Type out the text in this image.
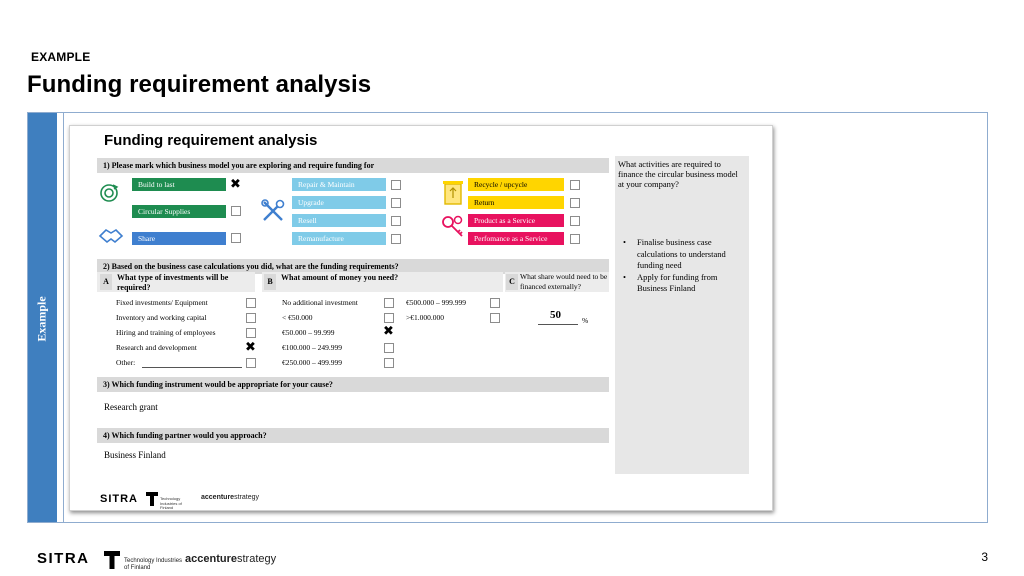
EXAMPLE
Funding requirement analysis
Example
Funding requirement analysis
1) Please mark which business model you are exploring and require funding for
Build to last	✖
Circular Supplies
Share
Repair & Maintain
Upgrade
Resell
Remanufacture
Recycle / upcycle
Return
Product as a Service
Perfomance as a Service
2) Based on the business case calculations you did, what are the funding requirements?
A	What type of investments will be required?
Fixed investments/ Equipment
Inventory and working capital
Hiring and training of employees
Research and development	✖
Other:
B	What amount of money you need?
No additional investment
< €50.000
€50.000 – 99.999	✖
€100.000 – 249.999
€250.000 – 499.999
€500.000 – 999.999
>€1.000.000
C
What share would need to be financed externally?
50	%
3) Which funding instrument would be appropriate for your cause?
Research grant
4) Which funding partner would you approach?
Business Finland
What activities are required to finance the circular business model at your company?
• Finalise business case calculations to understand funding need
• Apply for funding from Business Finland
SITRA	Technology Industries of Finland
accenturestrategy
SITRA	Technology Industries
of Finland
accenturestrategy	3
